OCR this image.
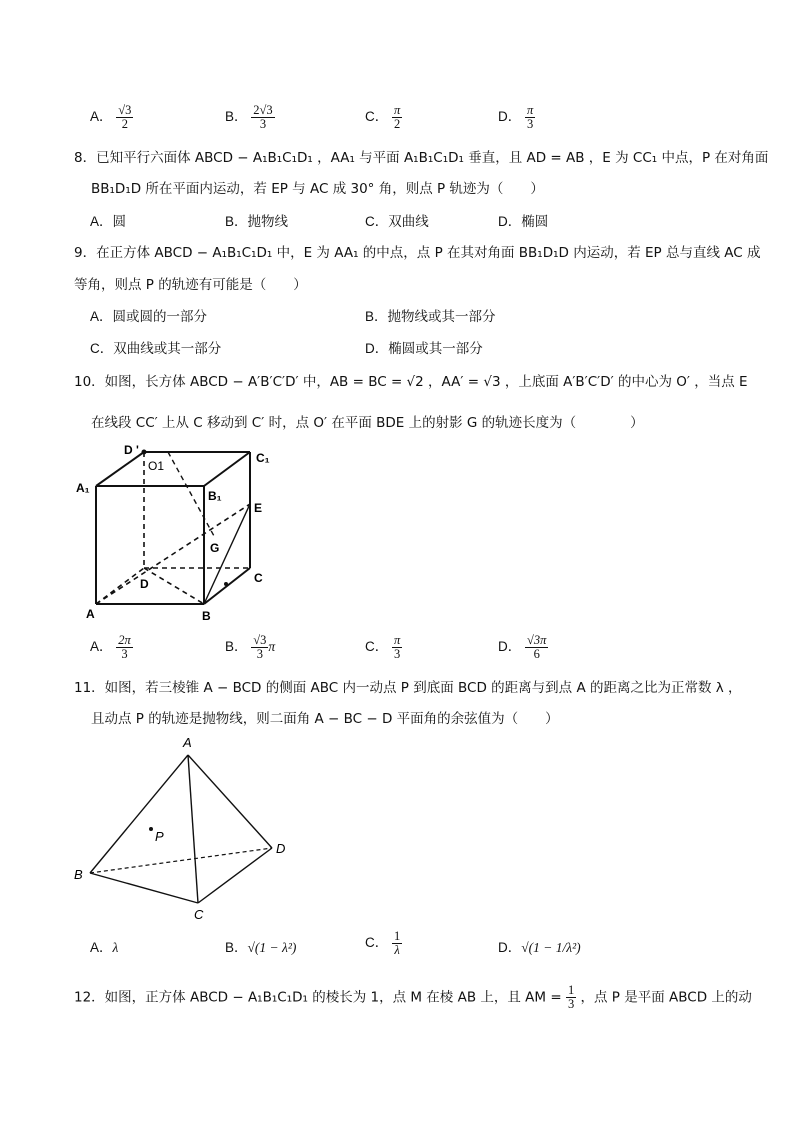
A． $\frac{√3}{2}$	B． $\frac{2√3}{3}$	C． $\frac{\pi}{2}$	D． $\frac{\pi}{3}$
8．已知平行六面体 ABCD − A₁B₁C₁D₁ ，AA₁ 与平面 A₁B₁C₁D₁ 垂直，且 AD = AB ，E 为 CC₁ 中点，P 在对角面
BB₁D₁D 所在平面内运动，若 EP 与 AC 成 30° 角，则点 P 轨迹为（　　）
A．圆	B．抛物线	C．双曲线	D．椭圆
9．在正方体 ABCD − A₁B₁C₁D₁ 中，E 为 AA₁ 的中点，点 P 在其对角面 BB₁D₁D 内运动，若 EP 总与直线 AC 成
等角，则点 P 的轨迹有可能是（　　）
A．圆或圆的一部分	B．抛物线或其一部分
C．双曲线或其一部分	D．椭圆或其一部分
10．如图，长方体 ABCD − A′B′C′D′ 中，AB = BC = √2 ，AA′ = √3 ，上底面 A′B′C′D′ 的中心为 O′ ，当点 E
在线段 CC′ 上从 C 移动到 C′ 时，点 O′ 在平面 BDE 上的射影 G 的轨迹长度为（　　　　）
D '
O1
C₁
A₁
B₁
E
G
D	C
A	B
A． $\frac{2\pi}{3}$	B． $\frac{√3}{3}$ π	C． $\frac{\pi}{3}$	D． $\frac{√3\pi}{6}$
11．如图，若三棱锥 A − BCD 的侧面 ABC 内一动点 P 到底面 BCD 的距离与到点 A 的距离之比为正常数 λ ，
且动点 P 的轨迹是抛物线，则二面角 A − BC − D 平面角的余弦值为（　　）
A
P
D
B
C
A．λ	B．√(1 − λ²)	C． $\frac{1}{\lambda}$	D．√(1 − 1/λ²)
12．如图，正方体 ABCD − A₁B₁C₁D₁ 的棱长为 1，点 M 在棱 AB 上，且 AM = $\frac{1}{3}$ ，点 P 是平面 ABCD 上的动
